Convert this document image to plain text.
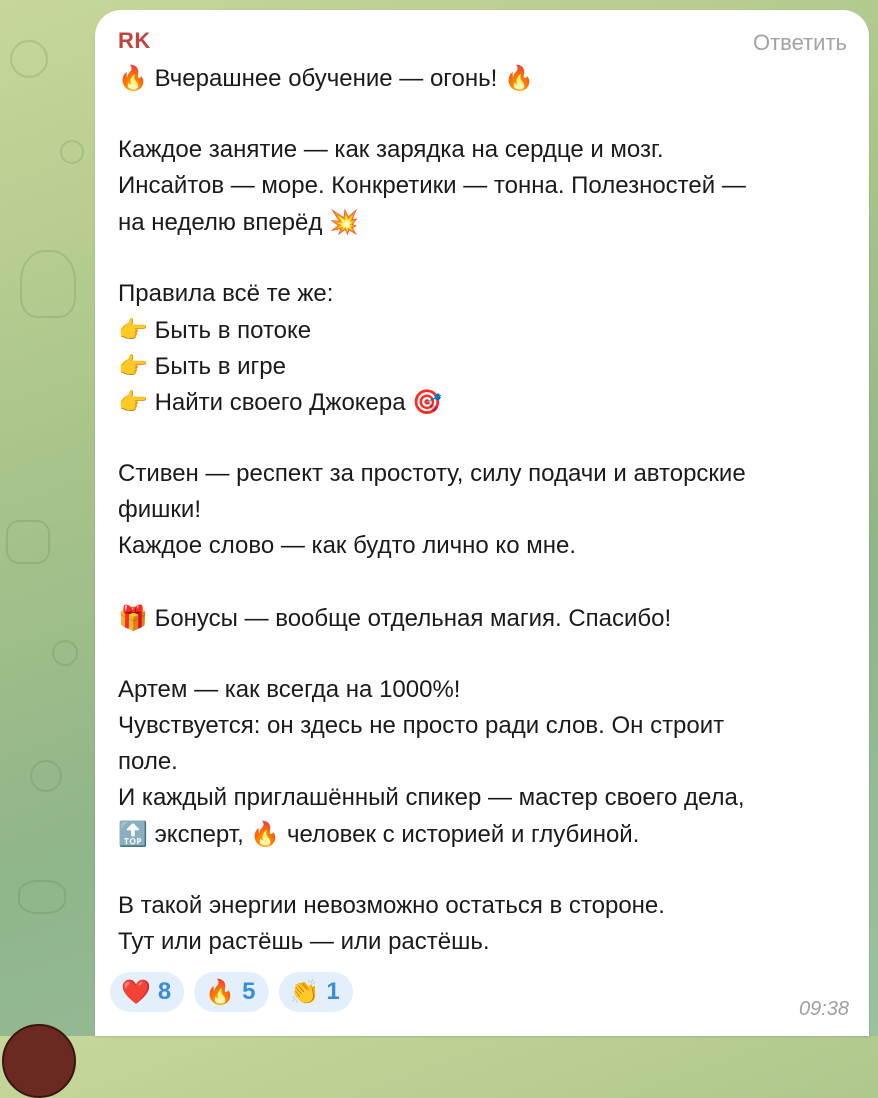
RK	Ответить
🔥 Вчерашнее обучение — огонь! 🔥
Каждое занятие — как зарядка на сердце и мозг.
Инсайтов — море. Конкретики — тонна. Полезностей —
на неделю вперёд 💥
Правила всё те же:
👉 Быть в потоке
👉 Быть в игре
👉 Найти своего Джокера 🎯
Стивен — респект за простоту, силу подачи и авторские
фишки!
Каждое слово — как будто лично ко мне.
🎁 Бонусы — вообще отдельная магия. Спасибо!
Артем — как всегда на 1000%!
Чувствуется: он здесь не просто ради слов. Он строит
поле.
И каждый приглашённый спикер — мастер своего дела,
🔝 эксперт, 🔥 человек с историей и глубиной.
В такой энергии невозможно остаться в стороне.
Тут или растёшь — или растёшь.
❤️ 8 🔥 5 👏 1
09:38
